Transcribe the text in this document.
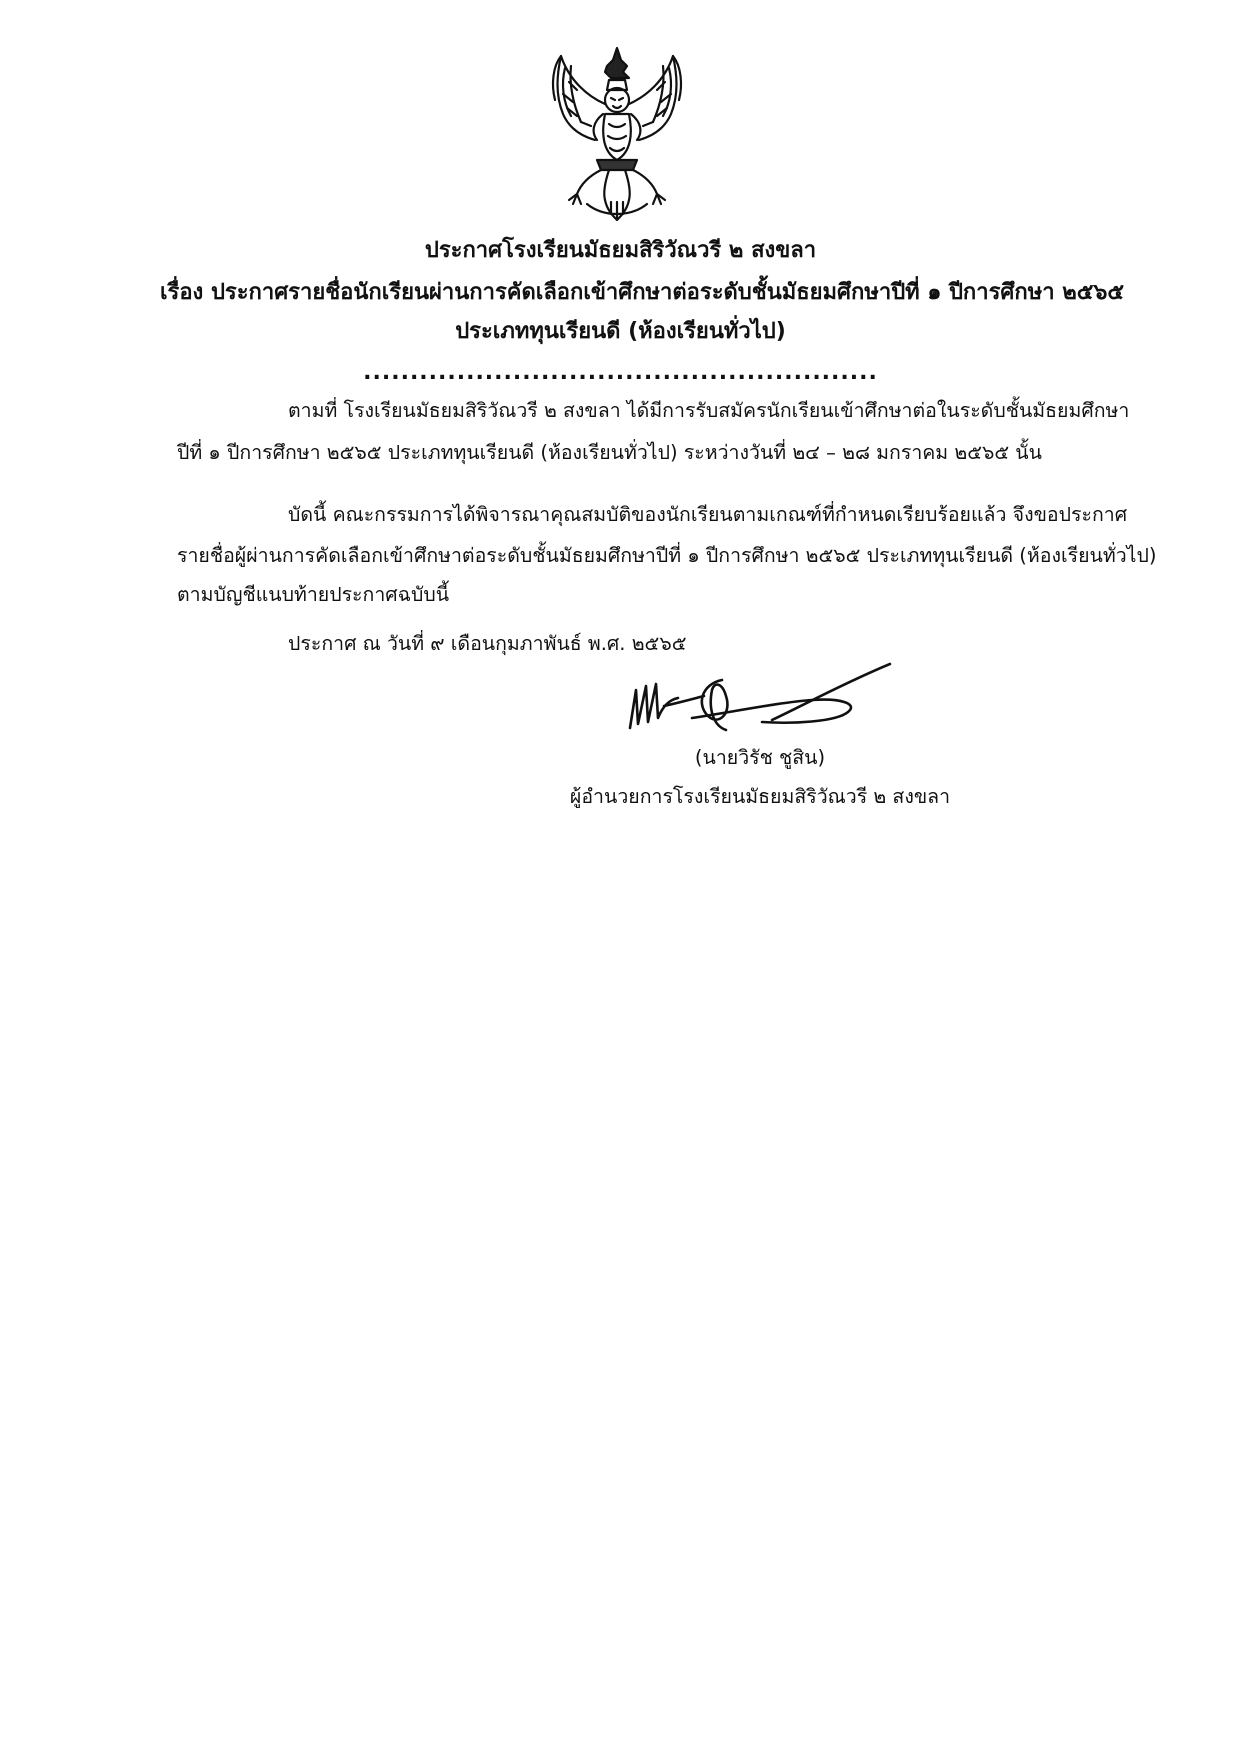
ประกาศโรงเรียนมัธยมสิริวัณวรี ๒ สงขลา
เรื่อง ประกาศรายชื่อนักเรียนผ่านการคัดเลือกเข้าศึกษาต่อระดับชั้นมัธยมศึกษาปีที่ ๑ ปีการศึกษา ๒๕๖๕
ประเภททุนเรียนดี (ห้องเรียนทั่วไป)
.......................................................
ตามที่ โรงเรียนมัธยมสิริวัณวรี ๒ สงขลา ได้มีการรับสมัครนักเรียนเข้าศึกษาต่อในระดับชั้นมัธยมศึกษา
ปีที่ ๑ ปีการศึกษา ๒๕๖๕ ประเภททุนเรียนดี (ห้องเรียนทั่วไป) ระหว่างวันที่ ๒๔ – ๒๘ มกราคม ๒๕๖๕ นั้น
บัดนี้ คณะกรรมการได้พิจารณาคุณสมบัติของนักเรียนตามเกณฑ์ที่กำหนดเรียบร้อยแล้ว จึงขอประกาศ
รายชื่อผู้ผ่านการคัดเลือกเข้าศึกษาต่อระดับชั้นมัธยมศึกษาปีที่ ๑ ปีการศึกษา ๒๕๖๕ ประเภททุนเรียนดี (ห้องเรียนทั่วไป)
ตามบัญชีแนบท้ายประกาศฉบับนี้
ประกาศ ณ วันที่ ๙ เดือนกุมภาพันธ์ พ.ศ. ๒๕๖๕
(นายวิรัช ชูสิน)
ผู้อำนวยการโรงเรียนมัธยมสิริวัณวรี ๒ สงขลา
